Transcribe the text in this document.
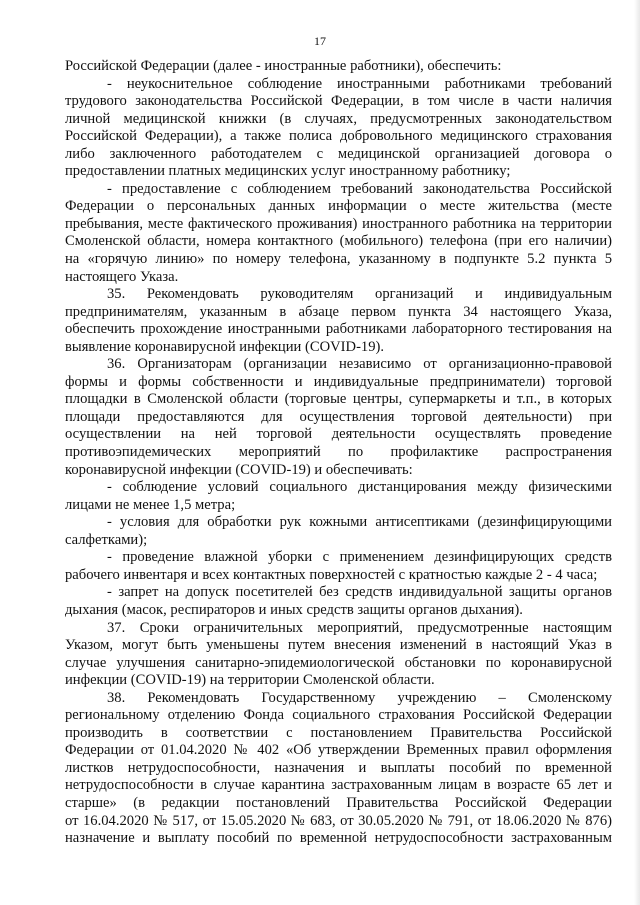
17
Российской Федерации (далее - иностранные работники), обеспечить:
- неукоснительное соблюдение иностранными работниками требований
трудового законодательства Российской Федерации, в том числе в части наличия
личной медицинской книжки (в случаях, предусмотренных законодательством
Российской Федерации), а также полиса добровольного медицинского страхования
либо заключенного работодателем с медицинской организацией договора о
предоставлении платных медицинских услуг иностранному работнику;
- предоставление с соблюдением требований законодательства Российской
Федерации о персональных данных информации о месте жительства (месте
пребывания, месте фактического проживания) иностранного работника на территории
Смоленской области, номера контактного (мобильного) телефона (при его наличии)
на «горячую линию» по номеру телефона, указанному в подпункте 5.2 пункта 5
настоящего Указа.
35. Рекомендовать руководителям организаций и индивидуальным
предпринимателям, указанным в абзаце первом пункта 34 настоящего Указа,
обеспечить прохождение иностранными работниками лабораторного тестирования на
выявление коронавирусной инфекции (COVID-19).
36. Организаторам (организации независимо от организационно-правовой
формы и формы собственности и индивидуальные предприниматели) торговой
площадки в Смоленской области (торговые центры, супермаркеты и т.п., в которых
площади предоставляются для осуществления торговой деятельности) при
осуществлении на ней торговой деятельности осуществлять проведение
противоэпидемических мероприятий по профилактике распространения
коронавирусной инфекции (COVID-19) и обеспечивать:
- соблюдение условий социального дистанцирования между физическими
лицами не менее 1,5 метра;
- условия для обработки рук кожными антисептиками (дезинфицирующими
салфетками);
- проведение влажной уборки с применением дезинфицирующих средств
рабочего инвентаря и всех контактных поверхностей с кратностью каждые 2 - 4 часа;
- запрет на допуск посетителей без средств индивидуальной защиты органов
дыхания (масок, респираторов и иных средств защиты органов дыхания).
37. Сроки ограничительных мероприятий, предусмотренные настоящим
Указом, могут быть уменьшены путем внесения изменений в настоящий Указ в
случае улучшения санитарно-эпидемиологической обстановки по коронавирусной
инфекции (COVID-19) на территории Смоленской области.
38. Рекомендовать Государственному учреждению – Смоленскому
региональному отделению Фонда социального страхования Российской Федерации
производить в соответствии с постановлением Правительства Российской
Федерации от 01.04.2020 № 402 «Об утверждении Временных правил оформления
листков нетрудоспособности, назначения и выплаты пособий по временной
нетрудоспособности в случае карантина застрахованным лицам в возрасте 65 лет и
старше» (в редакции постановлений Правительства Российской Федерации
от 16.04.2020 № 517, от 15.05.2020 № 683, от 30.05.2020 № 791, от 18.06.2020 № 876)
назначение и выплату пособий по временной нетрудоспособности застрахованным
